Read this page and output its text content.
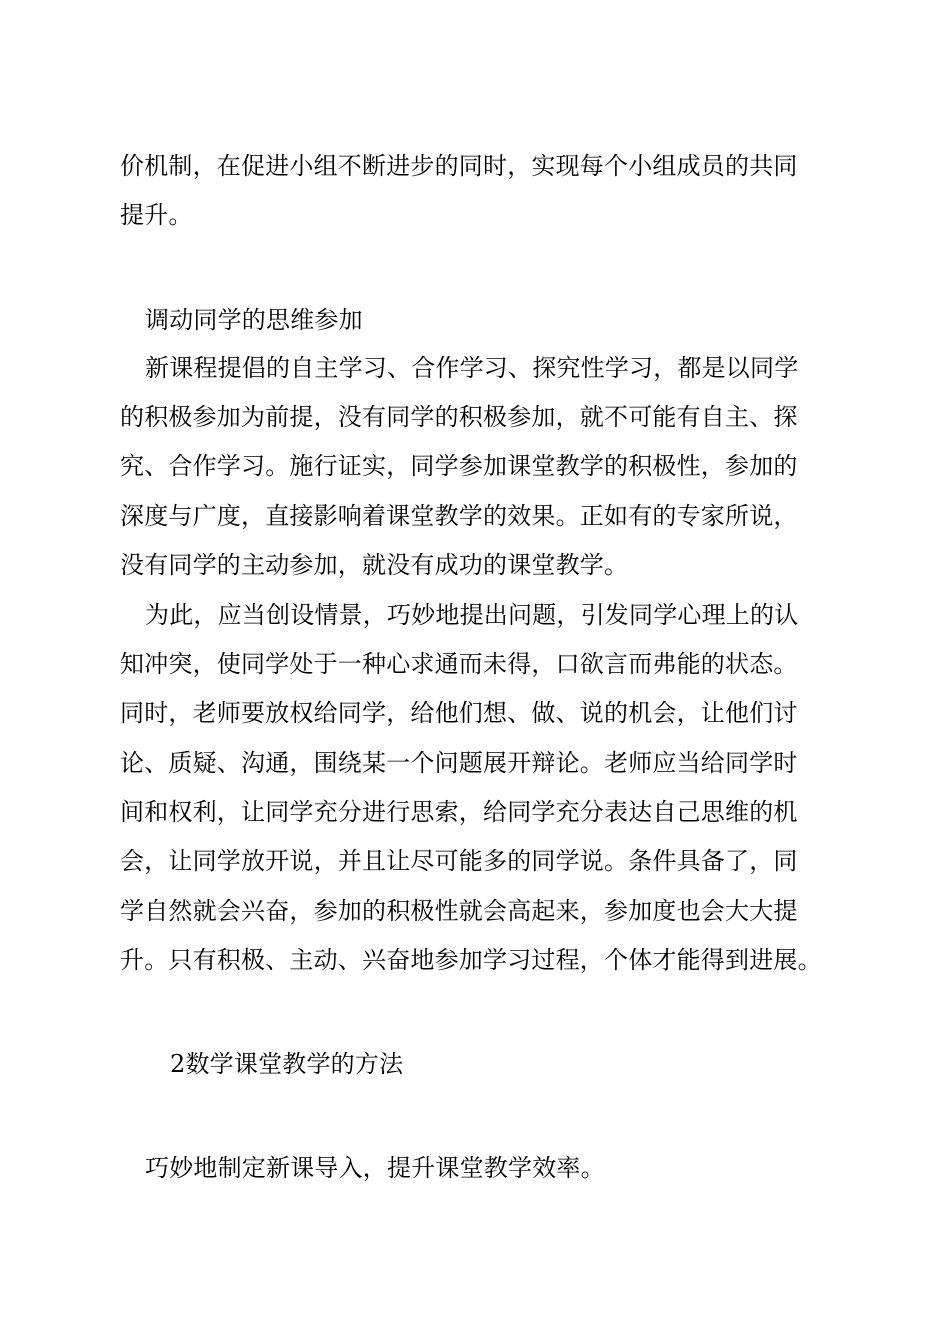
价机制，在促进小组不断进步的同时，实现每个小组成员的共同
提升。
调动同学的思维参加
新课程提倡的自主学习、合作学习、探究性学习，都是以同学
的积极参加为前提，没有同学的积极参加，就不可能有自主、探
究、合作学习。施行证实，同学参加课堂教学的积极性，参加的
深度与广度，直接影响着课堂教学的效果。正如有的专家所说，
没有同学的主动参加，就没有成功的课堂教学。
为此，应当创设情景，巧妙地提出问题，引发同学心理上的认
知冲突，使同学处于一种心求通而未得，口欲言而弗能的状态。
同时，老师要放权给同学，给他们想、做、说的机会，让他们讨
论、质疑、沟通，围绕某一个问题展开辩论。老师应当给同学时
间和权利，让同学充分进行思索，给同学充分表达自己思维的机
会，让同学放开说，并且让尽可能多的同学说。条件具备了，同
学自然就会兴奋，参加的积极性就会高起来，参加度也会大大提
升。只有积极、主动、兴奋地参加学习过程，个体才能得到进展。
2数学课堂教学的方法
巧妙地制定新课导入，提升课堂教学效率。
